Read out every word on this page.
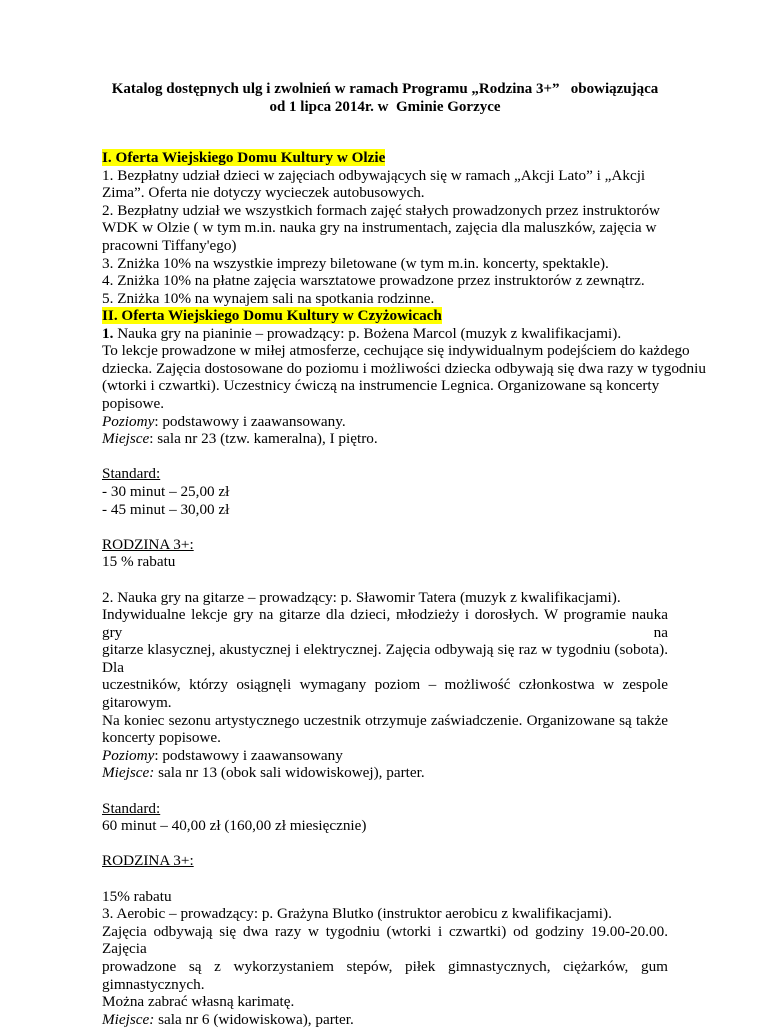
Katalog dostępnych ulg i zwolnień w ramach Programu „Rodzina 3+”   obowiązująca
od 1 lipca 2014r. w  Gminie Gorzyce
I. Oferta Wiejskiego Domu Kultury w Olzie
1. Bezpłatny udział dzieci w zajęciach odbywających się w ramach „Akcji Lato” i „Akcji
Zima”. Oferta nie dotyczy wycieczek autobusowych.
2. Bezpłatny udział we wszystkich formach zajęć stałych prowadzonych przez instruktorów
WDK w Olzie ( w tym m.in. nauka gry na instrumentach, zajęcia dla maluszków, zajęcia w
pracowni Tiffany'ego)
3. Zniżka 10% na wszystkie imprezy biletowane (w tym m.in. koncerty, spektakle).
4. Zniżka 10% na płatne zajęcia warsztatowe prowadzone przez instruktorów z zewnątrz.
5. Zniżka 10% na wynajem sali na spotkania rodzinne.
II. Oferta Wiejskiego Domu Kultury w Czyżowicach
1. Nauka gry na pianinie – prowadzący: p. Bożena Marcol (muzyk z kwalifikacjami).
To lekcje prowadzone w miłej atmosferze, cechujące się indywidualnym podejściem do każdego
dziecka. Zajęcia dostosowane do poziomu i możliwości dziecka odbywają się dwa razy w tygodniu
(wtorki i czwartki). Uczestnicy ćwiczą na instrumencie Legnica. Organizowane są koncerty
popisowe.
Poziomy: podstawowy i zaawansowany.
Miejsce: sala nr 23 (tzw. kameralna), I piętro.
Standard:
- 30 minut – 25,00 zł
- 45 minut – 30,00 zł
RODZINA 3+:
15 % rabatu
2. Nauka gry na gitarze – prowadzący: p. Sławomir Tatera (muzyk z kwalifikacjami).
Indywidualne lekcje gry na gitarze dla dzieci, młodzieży i dorosłych. W programie nauka gry na
gitarze klasycznej, akustycznej i elektrycznej. Zajęcia odbywają się raz w tygodniu (sobota). Dla
uczestników, którzy osiągnęli wymagany poziom – możliwość członkostwa w zespole gitarowym.
Na koniec sezonu artystycznego uczestnik otrzymuje zaświadczenie. Organizowane są także
koncerty popisowe.
Poziomy: podstawowy i zaawansowany
Miejsce: sala nr 13 (obok sali widowiskowej), parter.
Standard:
60 minut – 40,00 zł (160,00 zł miesięcznie)
RODZINA 3+:
15% rabatu
3. Aerobic – prowadzący: p. Grażyna Blutko (instruktor aerobicu z kwalifikacjami).
Zajęcia odbywają się dwa razy w tygodniu (wtorki i czwartki) od godziny 19.00-20.00. Zajęcia
prowadzone są z wykorzystaniem stepów, piłek gimnastycznych, ciężarków, gum gimnastycznych.
Można zabrać własną karimatę.
Miejsce: sala nr 6 (widowiskowa), parter.
